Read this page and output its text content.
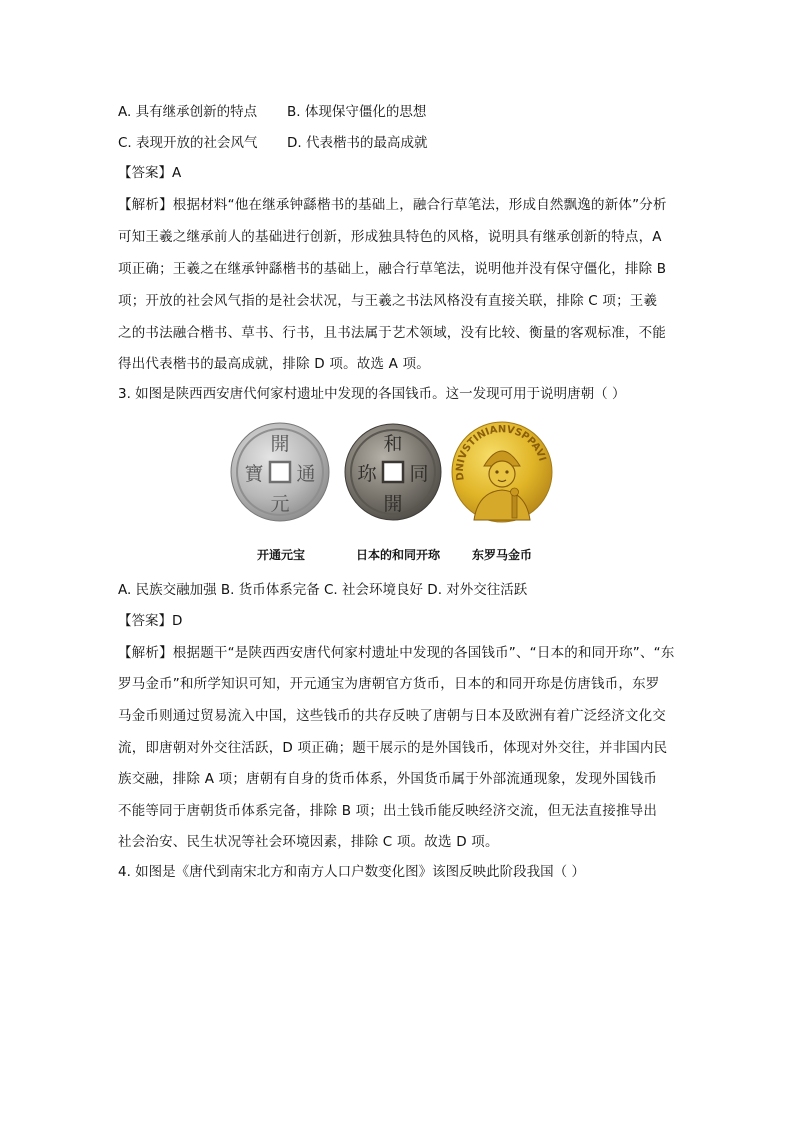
A. 具有继承创新的特点	B. 体现保守僵化的思想
C. 表现开放的社会风气	D. 代表楷书的最高成就
【答案】A
【解析】根据材料“他在继承钟繇楷书的基础上，融合行草笔法，形成自然飘逸的新体”分析
可知王羲之继承前人的基础进行创新，形成独具特色的风格，说明具有继承创新的特点，A
项正确；王羲之在继承钟繇楷书的基础上，融合行草笔法，说明他并没有保守僵化，排除 B
项；开放的社会风气指的是社会状况，与王羲之书法风格没有直接关联，排除 C 项；王羲
之的书法融合楷书、草书、行书，且书法属于艺术领域，没有比较、衡量的客观标准，不能
得出代表楷书的最高成就，排除 D 项。故选 A 项。
3. 如图是陕西西安唐代何家村遗址中发现的各国钱币。这一发现可用于说明唐朝（ ）
開
元
通
寶
和
同
開
珎	DNIVSTINIANVSPPAVI
开通元宝	日本的和同开珎	东罗马金币
A. 民族交融加强 B. 货币体系完备 C. 社会环境良好 D. 对外交往活跃
【答案】D
【解析】根据题干“是陕西西安唐代何家村遗址中发现的各国钱币”、“日本的和同开珎”、“东
罗马金币”和所学知识可知，开元通宝为唐朝官方货币，日本的和同开珎是仿唐钱币，东罗
马金币则通过贸易流入中国，这些钱币的共存反映了唐朝与日本及欧洲有着广泛经济文化交
流，即唐朝对外交往活跃，D 项正确；题干展示的是外国钱币，体现对外交往，并非国内民
族交融，排除 A 项；唐朝有自身的货币体系，外国货币属于外部流通现象，发现外国钱币
不能等同于唐朝货币体系完备，排除 B 项；出土钱币能反映经济交流，但无法直接推导出
社会治安、民生状况等社会环境因素，排除 C 项。故选 D 项。
4. 如图是《唐代到南宋北方和南方人口户数变化图》该图反映此阶段我国（ ）
